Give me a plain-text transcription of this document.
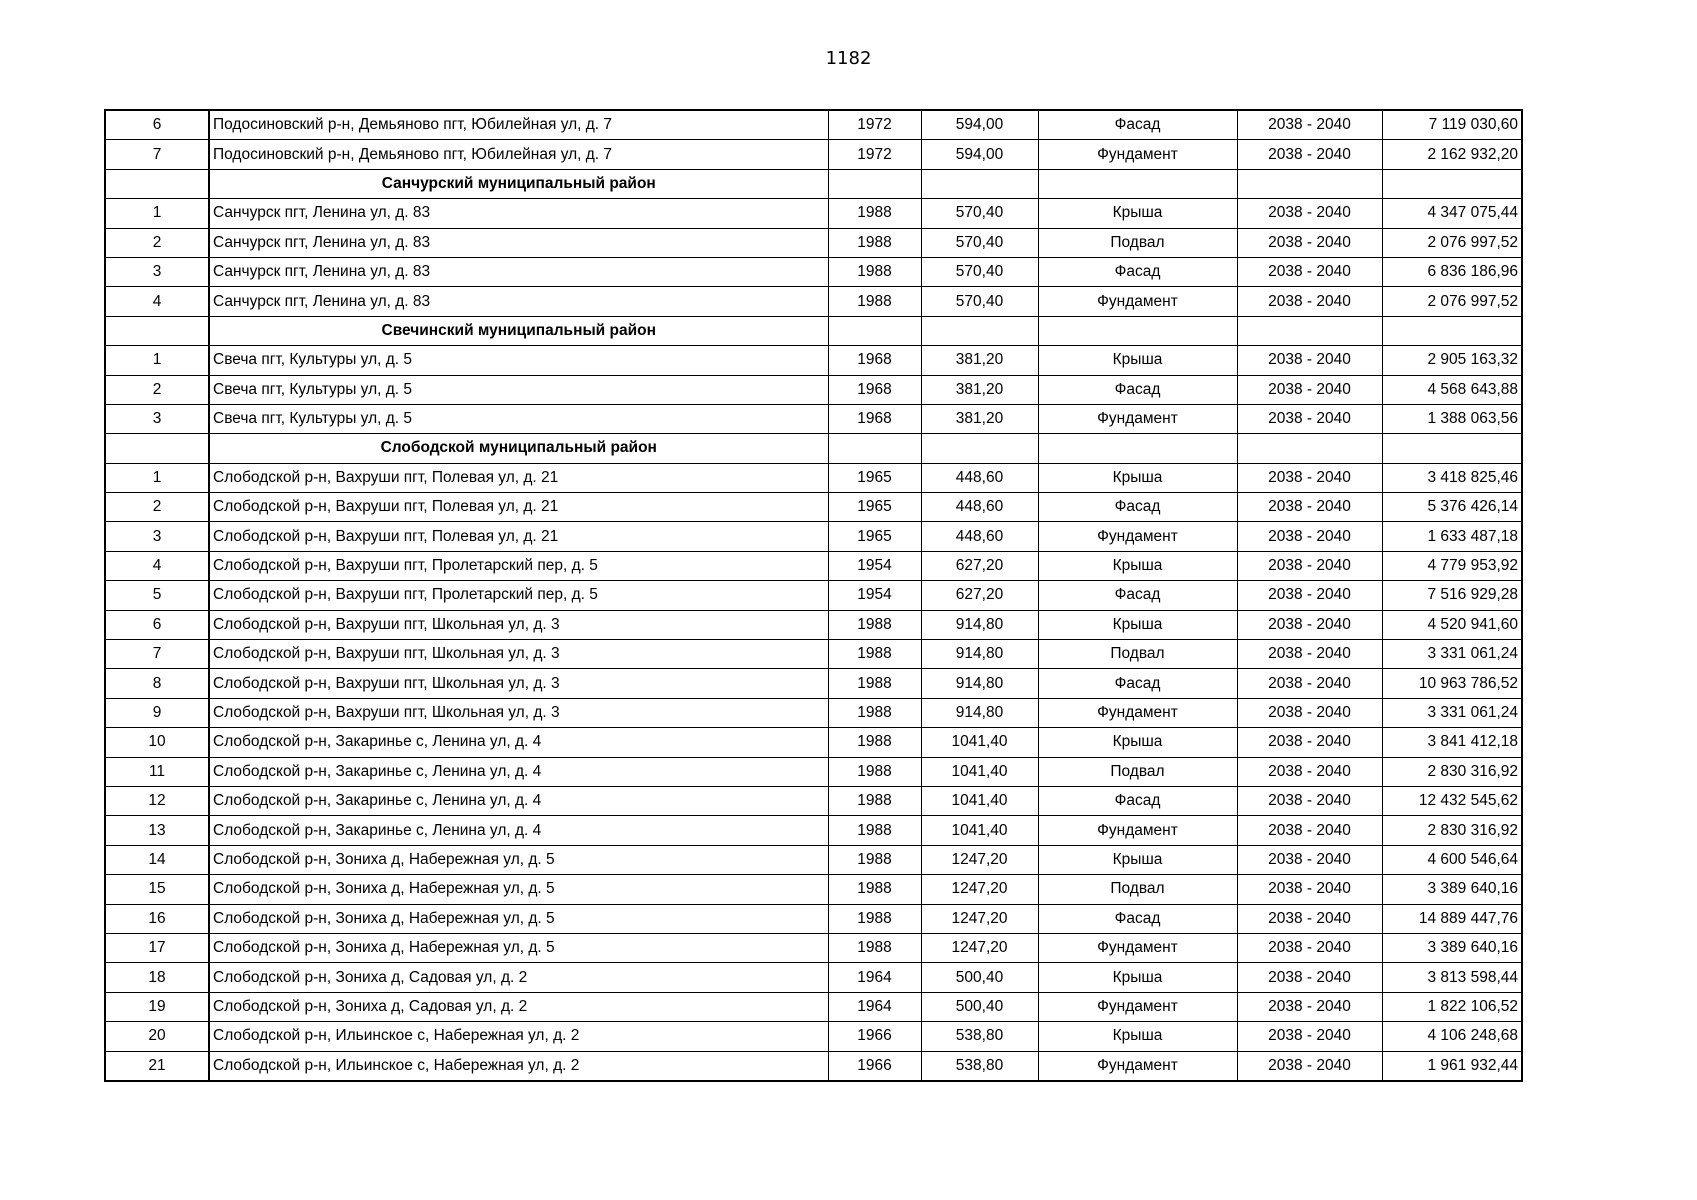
1182
6	Подосиновский р-н, Демьяново пгт, Юбилейная ул, д. 7	1972	594,00	Фасад	2038 - 2040	7 119 030,60
7	Подосиновский р-н, Демьяново пгт, Юбилейная ул, д. 7	1972	594,00	Фундамент	2038 - 2040	2 162 932,20
	Санчурский муниципальный район					
1	Санчурск пгт, Ленина ул, д. 83	1988	570,40	Крыша	2038 - 2040	4 347 075,44
2	Санчурск пгт, Ленина ул, д. 83	1988	570,40	Подвал	2038 - 2040	2 076 997,52
3	Санчурск пгт, Ленина ул, д. 83	1988	570,40	Фасад	2038 - 2040	6 836 186,96
4	Санчурск пгт, Ленина ул, д. 83	1988	570,40	Фундамент	2038 - 2040	2 076 997,52
	Свечинский муниципальный район					
1	Свеча пгт, Культуры ул, д. 5	1968	381,20	Крыша	2038 - 2040	2 905 163,32
2	Свеча пгт, Культуры ул, д. 5	1968	381,20	Фасад	2038 - 2040	4 568 643,88
3	Свеча пгт, Культуры ул, д. 5	1968	381,20	Фундамент	2038 - 2040	1 388 063,56
	Слободской муниципальный район					
1	Слободской р-н, Вахруши пгт, Полевая ул, д. 21	1965	448,60	Крыша	2038 - 2040	3 418 825,46
2	Слободской р-н, Вахруши пгт, Полевая ул, д. 21	1965	448,60	Фасад	2038 - 2040	5 376 426,14
3	Слободской р-н, Вахруши пгт, Полевая ул, д. 21	1965	448,60	Фундамент	2038 - 2040	1 633 487,18
4	Слободской р-н, Вахруши пгт, Пролетарский пер, д. 5	1954	627,20	Крыша	2038 - 2040	4 779 953,92
5	Слободской р-н, Вахруши пгт, Пролетарский пер, д. 5	1954	627,20	Фасад	2038 - 2040	7 516 929,28
6	Слободской р-н, Вахруши пгт, Школьная ул, д. 3	1988	914,80	Крыша	2038 - 2040	4 520 941,60
7	Слободской р-н, Вахруши пгт, Школьная ул, д. 3	1988	914,80	Подвал	2038 - 2040	3 331 061,24
8	Слободской р-н, Вахруши пгт, Школьная ул, д. 3	1988	914,80	Фасад	2038 - 2040	10 963 786,52
9	Слободской р-н, Вахруши пгт, Школьная ул, д. 3	1988	914,80	Фундамент	2038 - 2040	3 331 061,24
10	Слободской р-н, Закаринье с, Ленина ул, д. 4	1988	1041,40	Крыша	2038 - 2040	3 841 412,18
11	Слободской р-н, Закаринье с, Ленина ул, д. 4	1988	1041,40	Подвал	2038 - 2040	2 830 316,92
12	Слободской р-н, Закаринье с, Ленина ул, д. 4	1988	1041,40	Фасад	2038 - 2040	12 432 545,62
13	Слободской р-н, Закаринье с, Ленина ул, д. 4	1988	1041,40	Фундамент	2038 - 2040	2 830 316,92
14	Слободской р-н, Зониха д, Набережная ул, д. 5	1988	1247,20	Крыша	2038 - 2040	4 600 546,64
15	Слободской р-н, Зониха д, Набережная ул, д. 5	1988	1247,20	Подвал	2038 - 2040	3 389 640,16
16	Слободской р-н, Зониха д, Набережная ул, д. 5	1988	1247,20	Фасад	2038 - 2040	14 889 447,76
17	Слободской р-н, Зониха д, Набережная ул, д. 5	1988	1247,20	Фундамент	2038 - 2040	3 389 640,16
18	Слободской р-н, Зониха д, Садовая ул, д. 2	1964	500,40	Крыша	2038 - 2040	3 813 598,44
19	Слободской р-н, Зониха д, Садовая ул, д. 2	1964	500,40	Фундамент	2038 - 2040	1 822 106,52
20	Слободской р-н, Ильинское с, Набережная ул, д. 2	1966	538,80	Крыша	2038 - 2040	4 106 248,68
21	Слободской р-н, Ильинское с, Набережная ул, д. 2	1966	538,80	Фундамент	2038 - 2040	1 961 932,44
